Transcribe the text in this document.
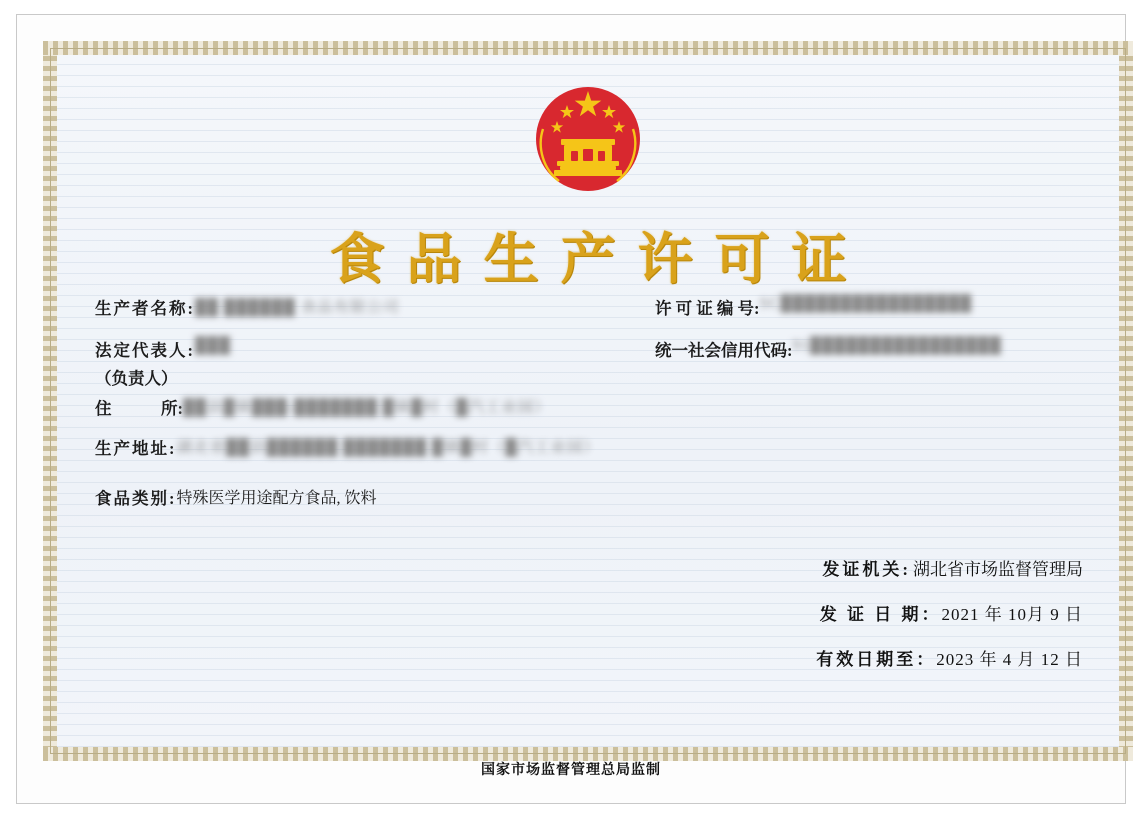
食品生产许可证
生产者名称:██ ██████ 食品有限公司	许 可 证 编 号:SC████████████████
法定代表人:███
（负责人）
统一社会信用代码:91████████████████
住　　　所:██县█镇███-███████ █镇█村（█汽工业园）
生产地址:湖北省██县██████ ███████ █镇█村（█汽工业园）
食品类别:特殊医学用途配方食品, 饮料
发证机关: 湖北省市场监督管理局
发 证 日 期： 2021 年 10月 9 日
有效日期至： 2023 年 4 月 12 日
国家市场监督管理总局监制
